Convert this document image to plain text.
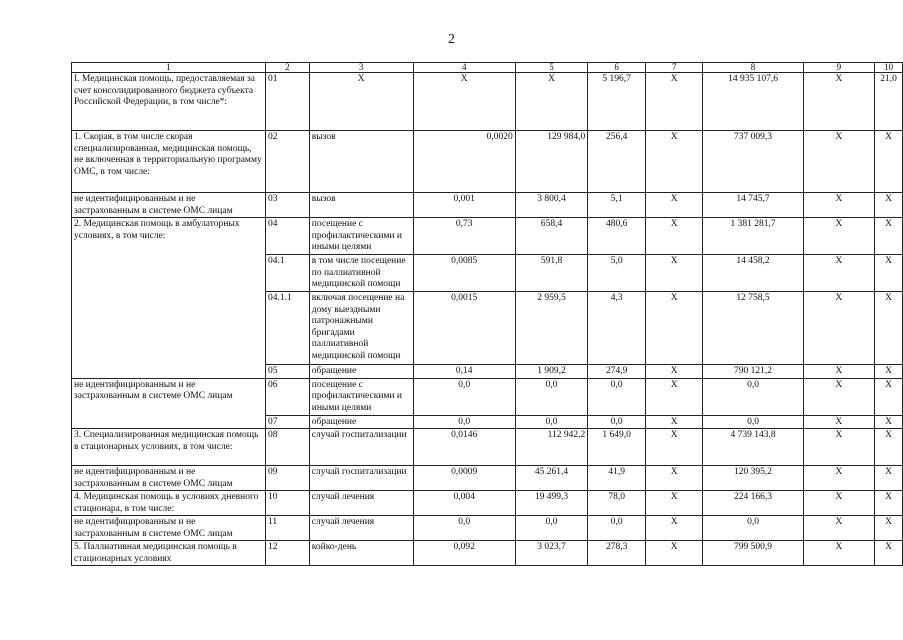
2
1	2	3	4	5	6	7	8	9	10
I. Медицинская помощь, предоставляемая за счет консолидированного бюджета субъекта Российской Федерации, в том числе*:	01	X	X	X	5 196,7	X	14 935 107,6	X	21,0
1. Скорая, в том числе скорая специализированная, медицинская помощь, не включенная в территориальную программу ОМС, в том числе:	02	вызов	0,0020	129 984,0	256,4	X	737 009,3	X	X
не идентифицированным и не застрахованным в системе ОМС лицам	03	вызов	0,001	3 800,4	5,1	X	14 745,7	X	X
2. Медицинская помощь в амбулаторных условиях, в том числе:	04	посещение с профилактическими и иными целями	0,73	658,4	480,6	X	1 381 281,7	X	X
	04.1	в том числе посещение по паллиативной медицинской помощи	0,0085	591,8	5,0	X	14 458,2	X	X
	04.1.1	включая посещение на дому выездными патронажными бригадами паллиативной медицинской помощи	0,0015	2 959,5	4,3	X	12 758,5	X	X
	05	обращение	0,14	1 909,2	274,9	X	790 121,2	X	X
не идентифицированным и не застрахованным в системе ОМС лицам	06	посещение с профилактическими и иными целями	0,0	0,0	0,0	X	0,0	X	X
	07	обращение	0,0	0,0	0,0	X	0,0	X	X
3. Специализированная медицинская помощь в стационарных условиях, в том числе:	08	случай госпитализации	0,0146	112 942,2	1 649,0	X	4 739 143,8	X	X
не идентифицированным и не застрахованным в системе ОМС лицам	09	случай госпитализации	0,0009	45 261,4	41,9	X	120 395,2	X	X
4. Медицинская помощь в условиях дневного стационара, в том числе:	10	случай лечения	0,004	19 499,3	78,0	X	224 166,3	X	X
не идентифицированным и не застрахованным в системе ОМС лицам	11	случай лечения	0,0	0,0	0,0	X	0,0	X	X
5. Паллиативная медицинская помощь в стационарных условиях	12	койко-день	0,092	3 023,7	278,3	X	799 500,9	X	X
